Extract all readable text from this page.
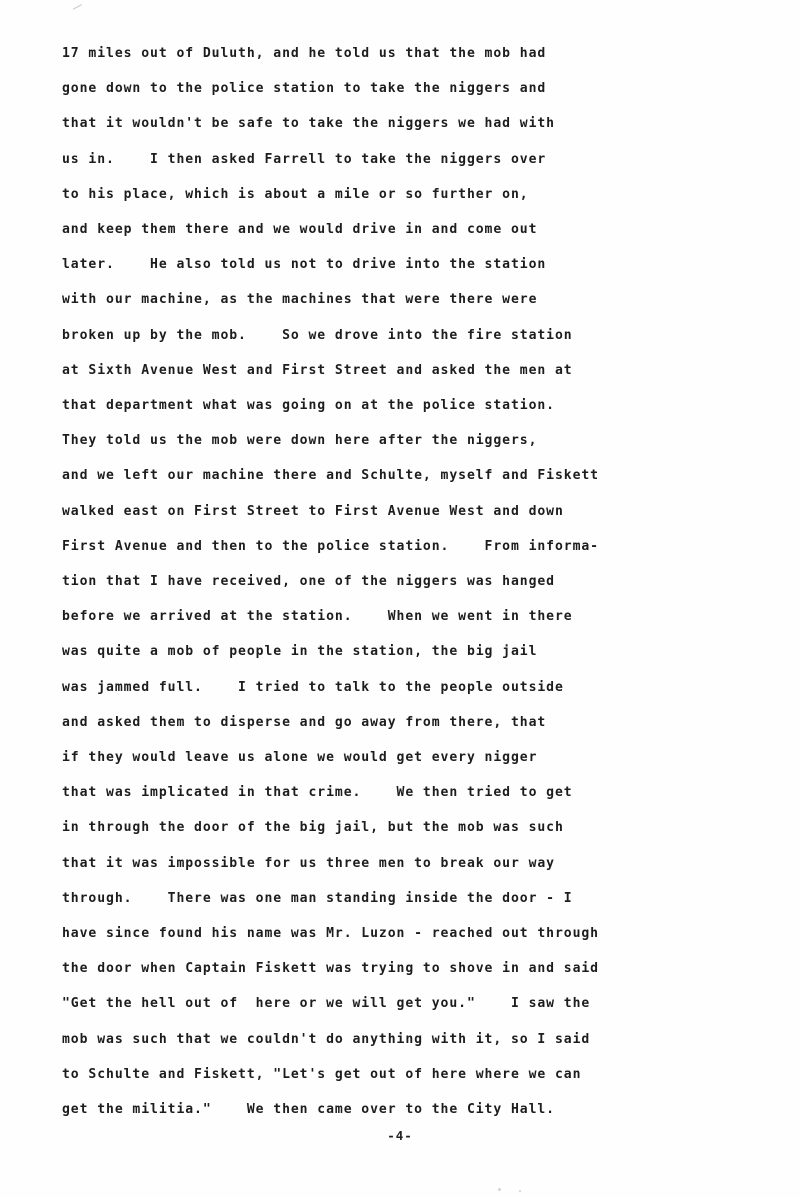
17 miles out of Duluth, and he told us that the mob had
gone down to the police station to take the niggers and
that it wouldn't be safe to take the niggers we had with
us in.    I then asked Farrell to take the niggers over
to his place, which is about a mile or so further on,
and keep them there and we would drive in and come out
later.    He also told us not to drive into the station
with our machine, as the machines that were there were
broken up by the mob.    So we drove into the fire station
at Sixth Avenue West and First Street and asked the men at
that department what was going on at the police station.
They told us the mob were down here after the niggers,
and we left our machine there and Schulte, myself and Fiskett
walked east on First Street to First Avenue West and down
First Avenue and then to the police station.    From informa-
tion that I have received, one of the niggers was hanged
before we arrived at the station.    When we went in there
was quite a mob of people in the station, the big jail
was jammed full.    I tried to talk to the people outside
and asked them to disperse and go away from there, that
if they would leave us alone we would get every nigger
that was implicated in that crime.    We then tried to get
in through the door of the big jail, but the mob was such
that it was impossible for us three men to break our way
through.    There was one man standing inside the door - I
have since found his name was Mr. Luzon - reached out through
the door when Captain Fiskett was trying to shove in and said
"Get the hell out of  here or we will get you."    I saw the
mob was such that we couldn't do anything with it, so I said
to Schulte and Fiskett, "Let's get out of here where we can
get the militia."    We then came over to the City Hall.
-4-
